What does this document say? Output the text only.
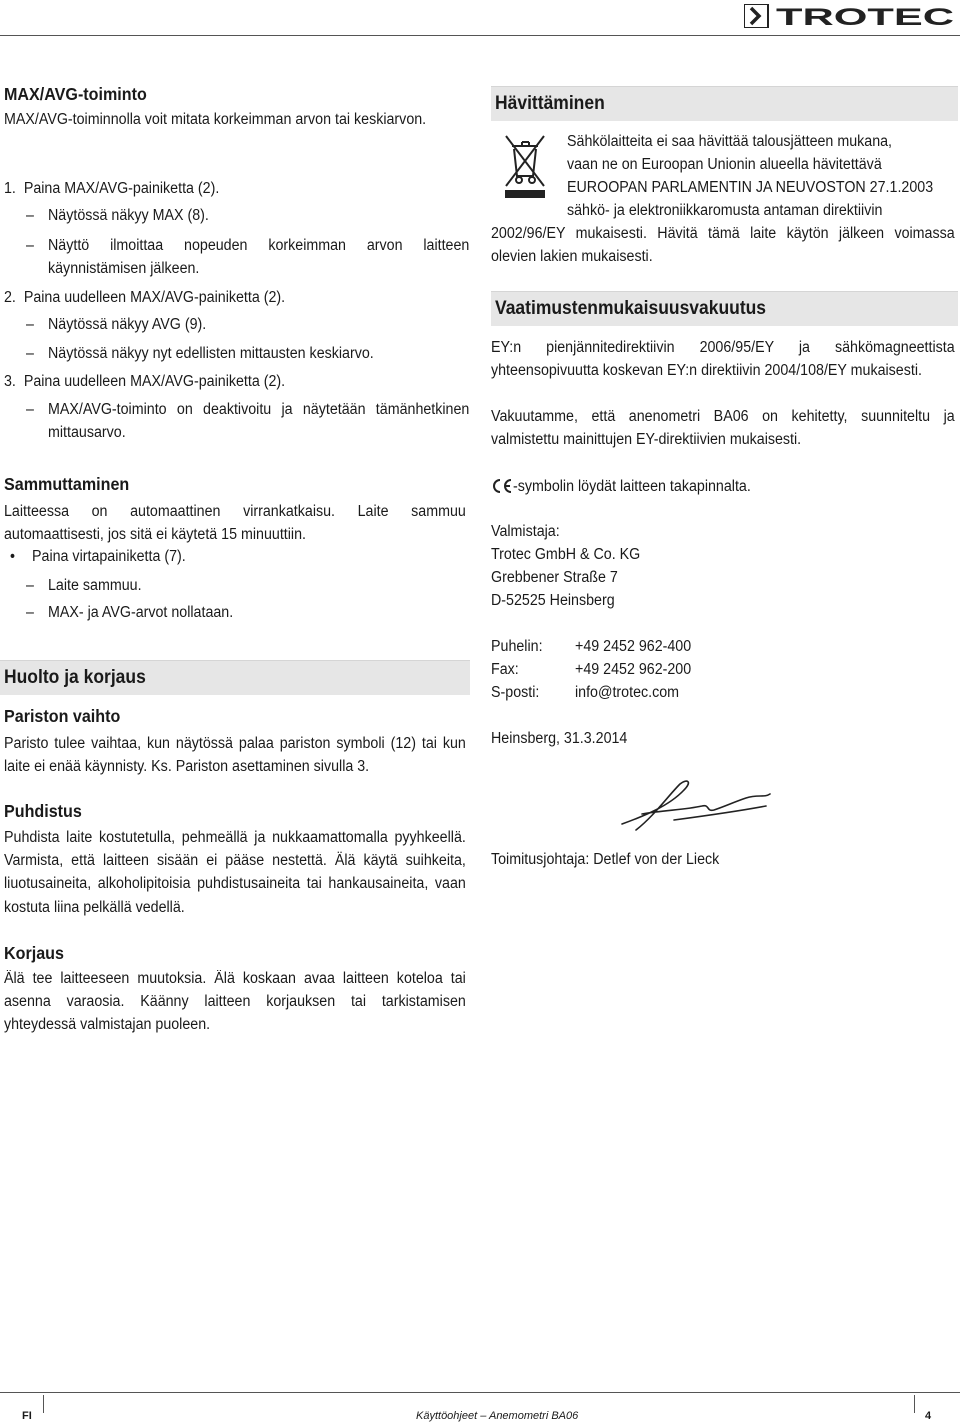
TROTEC

MAX/AVG-toiminto

MAX/AVG-toiminnolla voit mitata korkeimman arvon tai keskiarvon.

1.  Paina MAX/AVG-painiketta (2).

– Näytössä näkyy MAX (8).

– Näyttö ilmoittaa nopeuden korkeimman arvon laitteen käynnistämisen jälkeen.

2.  Paina uudelleen MAX/AVG-painiketta (2).

– Näytössä näkyy AVG (9).

– Näytössä näkyy nyt edellisten mittausten keskiarvo.

3.  Paina uudelleen MAX/AVG-painiketta (2).

– MAX/AVG-toiminto on deaktivoitu ja näytetään tämänhetkinen mittausarvo.

Sammuttaminen

Laitteessa on automaattinen virrankatkaisu. Laite sammuu automaattisesti, jos sitä ei käytetä 15 minuuttiin.

• Paina virtapainiketta (7).

– Laite sammuu.

– MAX- ja AVG-arvot nollataan.

Huolto ja korjaus

Pariston vaihto

Paristo tulee vaihtaa, kun näytössä palaa pariston symboli (12) tai kun laite ei enää käynnisty. Ks. Pariston asettaminen sivulla 3.

Puhdistus

Puhdista laite kostutetulla, pehmeällä ja nukkaamattomalla pyyhkeellä. Varmista, että laitteen sisään ei pääse nestettä. Älä käytä suihkeita, liuotusaineita, alkoholipitoisia puhdistusaineita tai hankausaineita, vaan kostuta liina pelkällä vedellä.

Korjaus

Älä tee laitteeseen muutoksia. Älä koskaan avaa laitteen koteloa tai asenna varaosia. Käänny laitteen korjauksen tai tarkistamisen yhteydessä valmistajan puoleen.

Hävittäminen

Sähkölaitteita ei saa hävittää talousjätteen mukana,

vaan ne on Euroopan Unionin alueella hävitettävä

EUROOPAN PARLAMENTIN JA NEUVOSTON 27.1.2003

sähkö- ja elektroniikkaromusta antaman direktiivin

2002/96/EY mukaisesti. Hävitä tämä laite käytön jälkeen voimassa olevien lakien mukaisesti.

Vaatimustenmukaisuusvakuutus

EY:n pienjännitedirektiivin 2006/95/EY ja sähkömagneettista yhteensopivuutta koskevan EY:n direktiivin 2004/108/EY mukaisesti.

Vakuutamme, että anenometri BA06 on kehitetty, suunniteltu ja valmistettu mainittujen EY-direktiivien mukaisesti.

-symbolin löydät laitteen takapinnalta.

Valmistaja:

Trotec GmbH & Co. KG

Grebbener Straße 7

D-52525 Heinsberg

Puhelin: +49 2452 962-400

Fax:	+49 2452 962-200

S-posti: info@trotec.com

Heinsberg, 31.3.2014

Toimitusjohtaja: Detlef von der Lieck

FI	Käyttöohjeet – Anemometri BA06	4
